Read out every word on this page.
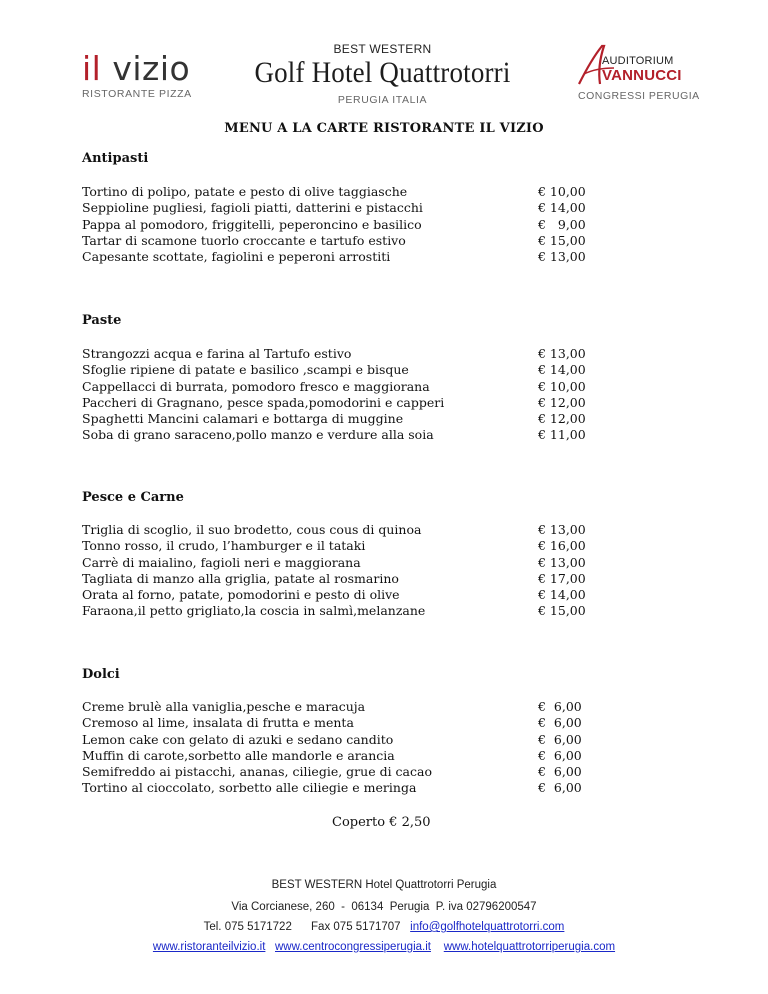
il vizio
RISTORANTE PIZZA
BEST WESTERN
Golf Hotel Quattrotorri
PERUGIA ITALIA
AUDITORIUM
VANNUCCI
CONGRESSI PERUGIA
MENU A LA CARTE RISTORANTE IL VIZIO
Antipasti
Tortino di polipo, patate e pesto di olive taggiasche	€ 10,00
Seppioline pugliesi, fagioli piatti, datterini e pistacchi	€ 14,00
Pappa al pomodoro, friggitelli, peperoncino e basilico	€   9,00
Tartar di scamone tuorlo croccante e tartufo estivo	€ 15,00
Capesante scottate, fagiolini e peperoni arrostiti	€ 13,00
Paste
Strangozzi acqua e farina al Tartufo estivo	€ 13,00
Sfoglie ripiene di patate e basilico ,scampi e bisque	€ 14,00
Cappellacci di burrata, pomodoro fresco e maggiorana	€ 10,00
Paccheri di Gragnano, pesce spada,pomodorini e capperi	€ 12,00
Spaghetti Mancini calamari e bottarga di muggine	€ 12,00
Soba di grano saraceno,pollo manzo e verdure alla soia	€ 11,00
Pesce e Carne
Triglia di scoglio, il suo brodetto, cous cous di quinoa	€ 13,00
Tonno rosso, il crudo, l’hamburger e il tataki	€ 16,00
Carrè di maialino, fagioli neri e maggiorana	€ 13,00
Tagliata di manzo alla griglia, patate al rosmarino	€ 17,00
Orata al forno, patate, pomodorini e pesto di olive	€ 14,00
Faraona,il petto grigliato,la coscia in salmì,melanzane	€ 15,00
Dolci
Creme brulè alla vaniglia,pesche e maracuja	€  6,00
Cremoso al lime, insalata di frutta e menta	€  6,00
Lemon cake con gelato di azuki e sedano candito	€  6,00
Muffin di carote,sorbetto alle mandorle e arancia	€  6,00
Semifreddo ai pistacchi, ananas, ciliegie, grue di cacao	€  6,00
Tortino al cioccolato, sorbetto alle ciliegie e meringa	€  6,00
Coperto € 2,50
BEST WESTERN Hotel Quattrotorri Perugia
Via Corcianese, 260  -  06134  Perugia  P. iva 02796200547
Tel. 075 5171722 Fax 075 5171707 info@golfhotelquattrotorri.com
www.ristoranteilvizio.it www.centrocongressiperugia.it www.hotelquattrotorriperugia.com
